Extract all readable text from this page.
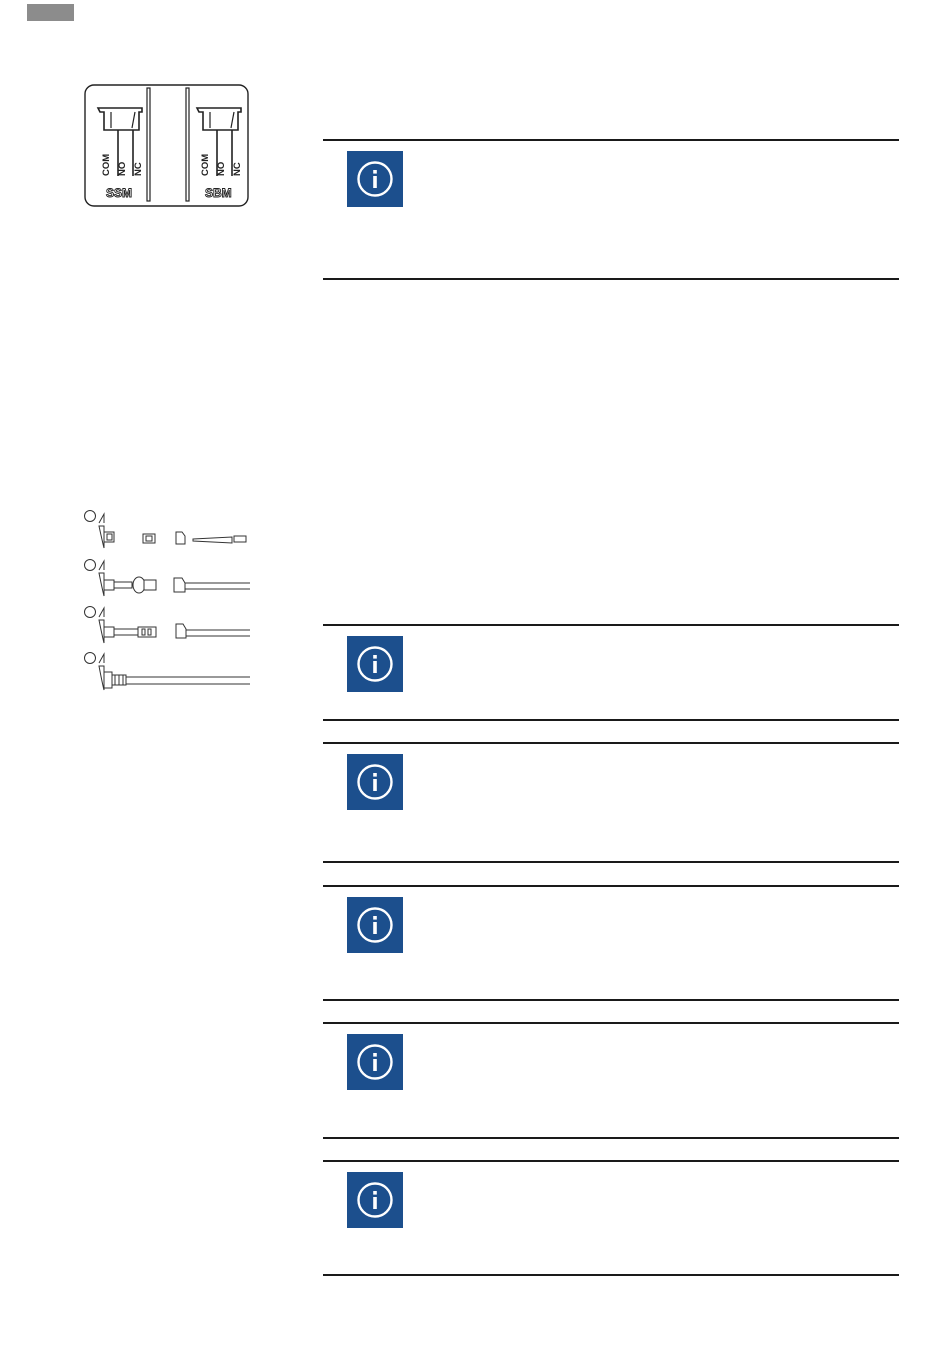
COM NO NC
SSM
COM NO NC
SBM
